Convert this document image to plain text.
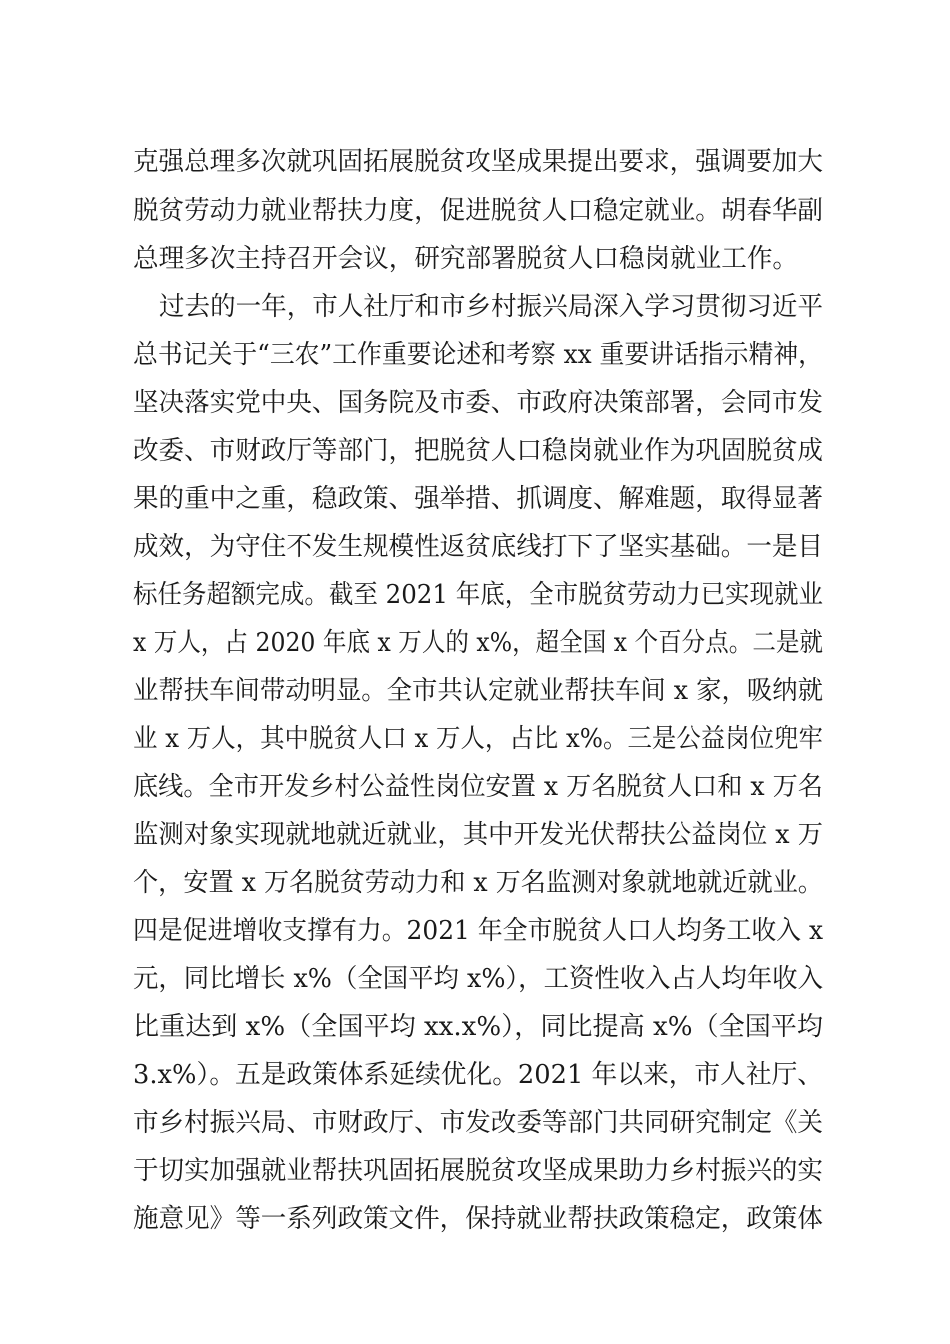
克强总理多次就巩固拓展脱贫攻坚成果提出要求，强调要加大
脱贫劳动力就业帮扶力度，促进脱贫人口稳定就业。胡春华副
总理多次主持召开会议，研究部署脱贫人口稳岗就业工作。
过去的一年，市人社厅和市乡村振兴局深入学习贯彻习近平
总书记关于“三农”工作重要论述和考察 xx 重要讲话指示精神，
坚决落实党中央、国务院及市委、市政府决策部署，会同市发
改委、市财政厅等部门，把脱贫人口稳岗就业作为巩固脱贫成
果的重中之重，稳政策、强举措、抓调度、解难题，取得显著
成效，为守住不发生规模性返贫底线打下了坚实基础。一是目
标任务超额完成。截至 2021 年底，全市脱贫劳动力已实现就业
x 万人，占 2020 年底 x 万人的 x%，超全国 x 个百分点。二是就
业帮扶车间带动明显。全市共认定就业帮扶车间 x 家，吸纳就
业 x 万人，其中脱贫人口 x 万人，占比 x%。三是公益岗位兜牢
底线。全市开发乡村公益性岗位安置 x 万名脱贫人口和 x 万名
监测对象实现就地就近就业，其中开发光伏帮扶公益岗位 x 万
个，安置 x 万名脱贫劳动力和 x 万名监测对象就地就近就业。
四是促进增收支撑有力。2021 年全市脱贫人口人均务工收入 x
元，同比增长 x%（全国平均 x%），工资性收入占人均年收入
比重达到 x%（全国平均 xx.x%），同比提高 x%（全国平均
3.x%）。五是政策体系延续优化。2021 年以来，市人社厅、
市乡村振兴局、市财政厅、市发改委等部门共同研究制定《关
于切实加强就业帮扶巩固拓展脱贫攻坚成果助力乡村振兴的实
施意见》等一系列政策文件，保持就业帮扶政策稳定，政策体
